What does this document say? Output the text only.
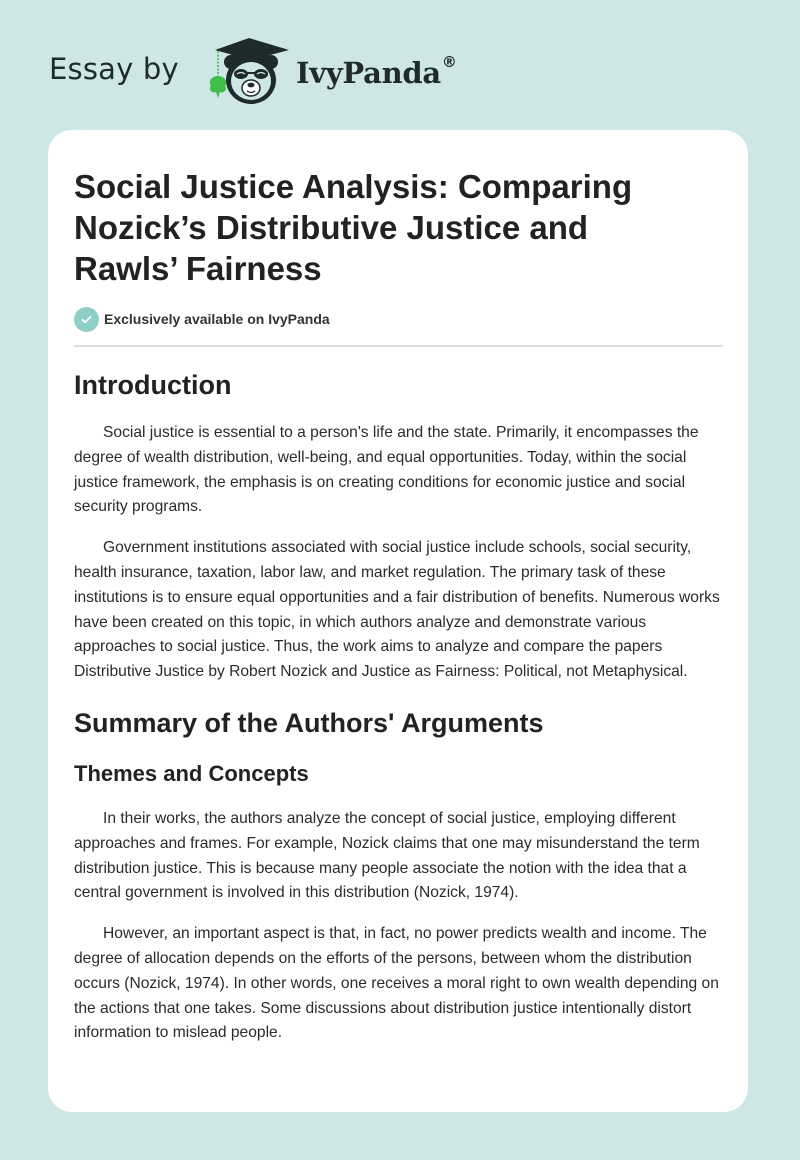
Essay by	IvyPanda®
Social Justice Analysis: Comparing Nozick’s Distributive Justice and Rawls’ Fairness
Exclusively available on IvyPanda
Introduction

Social justice is essential to a person's life and the state. Primarily, it encompasses the degree of wealth distribution, well-being, and equal opportunities. Today, within the social justice framework, the emphasis is on creating conditions for economic justice and social security programs.

Government institutions associated with social justice include schools, social security, health insurance, taxation, labor law, and market regulation. The primary task of these institutions is to ensure equal opportunities and a fair distribution of benefits. Numerous works have been created on this topic, in which authors analyze and demonstrate various approaches to social justice. Thus, the work aims to analyze and compare the papers Distributive Justice by Robert Nozick and Justice as Fairness: Political, not Metaphysical.

Summary of the Authors' Arguments
Themes and Concepts

In their works, the authors analyze the concept of social justice, employing different approaches and frames. For example, Nozick claims that one may misunderstand the term distribution justice. This is because many people associate the notion with the idea that a central government is involved in this distribution (Nozick, 1974).

However, an important aspect is that, in fact, no power predicts wealth and income. The degree of allocation depends on the efforts of the persons, between whom the distribution occurs (Nozick, 1974). In other words, one receives a moral right to own wealth depending on the actions that one takes. Some discussions about distribution justice intentionally distort information to mislead people.
